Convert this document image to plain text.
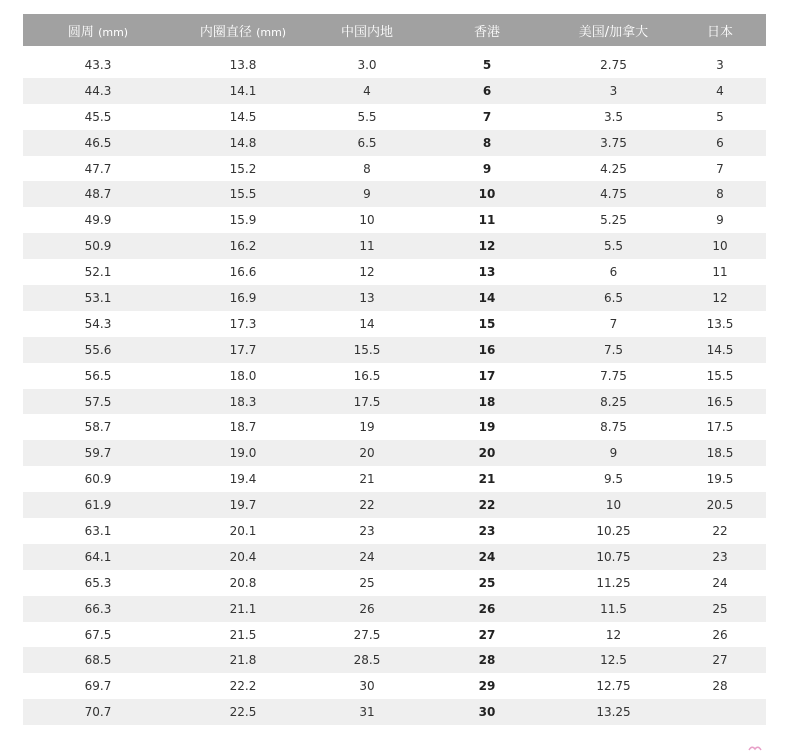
圆周 (mm)	内圈直径 (mm)	中国内地	香港	美国/加拿大	日本
43.3	13.8	3.0	5	2.75	3
44.3	14.1	4	6	3	4
45.5	14.5	5.5	7	3.5	5
46.5	14.8	6.5	8	3.75	6
47.7	15.2	8	9	4.25	7
48.7	15.5	9	10	4.75	8
49.9	15.9	10	11	5.25	9
50.9	16.2	11	12	5.5	10
52.1	16.6	12	13	6	11
53.1	16.9	13	14	6.5	12
54.3	17.3	14	15	7	13.5
55.6	17.7	15.5	16	7.5	14.5
56.5	18.0	16.5	17	7.75	15.5
57.5	18.3	17.5	18	8.25	16.5
58.7	18.7	19	19	8.75	17.5
59.7	19.0	20	20	9	18.5
60.9	19.4	21	21	9.5	19.5
61.9	19.7	22	22	10	20.5
63.1	20.1	23	23	10.25	22
64.1	20.4	24	24	10.75	23
65.3	20.8	25	25	11.25	24
66.3	21.1	26	26	11.5	25
67.5	21.5	27.5	27	12	26
68.5	21.8	28.5	28	12.5	27
69.7	22.2	30	29	12.75	28
70.7	22.5	31	30	13.25
